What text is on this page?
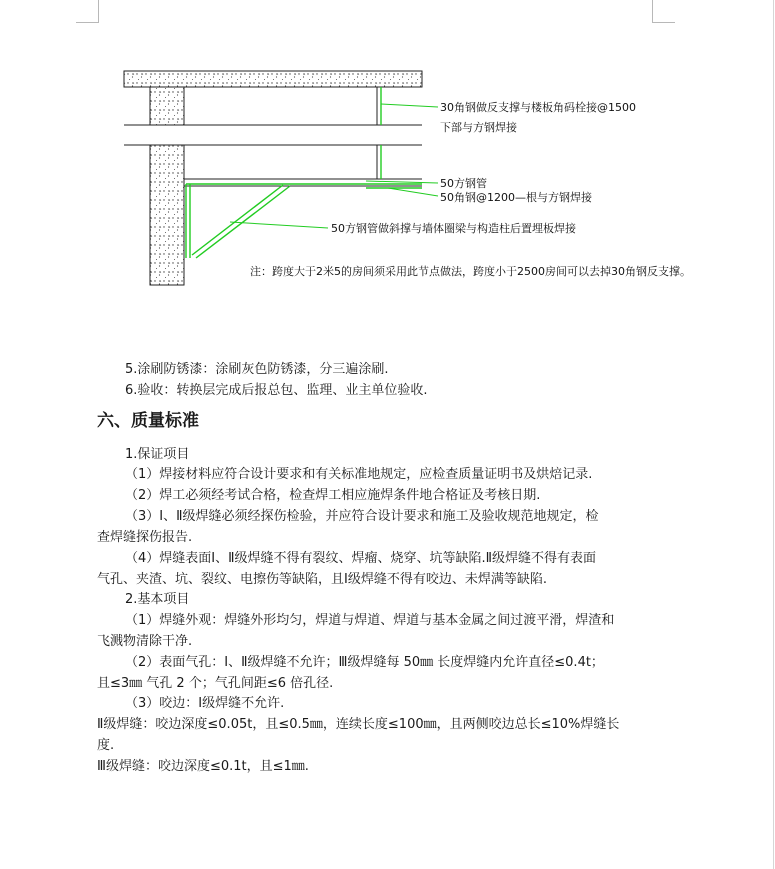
30角钢做反支撑与楼板角码栓接@1500
下部与方钢焊接
50方钢管
50角钢@1200—根与方钢焊接
50方钢管做斜撑与墙体圈梁与构造柱后置埋板焊接
注：跨度大于2米5的房间须采用此节点做法，跨度小于2500房间可以去掉30角钢反支撑。
5.涂刷防锈漆：涂刷灰色防锈漆，分三遍涂刷.
6.验收：转换层完成后报总包、监理、业主单位验收.
六、质量标准
1.保证项目
（1）焊接材料应符合设计要求和有关标准地规定，应检查质量证明书及烘焙记录.
（2）焊工必须经考试合格，检查焊工相应施焊条件地合格证及考核日期.
（3）Ⅰ、Ⅱ级焊缝必须经探伤检验，并应符合设计要求和施工及验收规范地规定，检
查焊缝探伤报告.
（4）焊缝表面Ⅰ、Ⅱ级焊缝不得有裂纹、焊瘤、烧穿、坑等缺陷.Ⅱ级焊缝不得有表面
气孔、夹渣、坑、裂纹、电擦伤等缺陷，且Ⅰ级焊缝不得有咬边、未焊满等缺陷.
2.基本项目
（1）焊缝外观：焊缝外形均匀，焊道与焊道、焊道与基本金属之间过渡平滑，焊渣和
飞溅物清除干净.
（2）表面气孔：Ⅰ、Ⅱ级焊缝不允许；Ⅲ级焊缝每 50㎜ 长度焊缝内允许直径≤0.4t；
且≤3㎜ 气孔 2 个；气孔间距≤6 倍孔径.
（3）咬边：Ⅰ级焊缝不允许.
Ⅱ级焊缝：咬边深度≤0.05t，且≤0.5㎜，连续长度≤100㎜，且两侧咬边总长≤10%焊缝长
度.
Ⅲ级焊缝：咬边深度≤0.1t，且≤1㎜.
